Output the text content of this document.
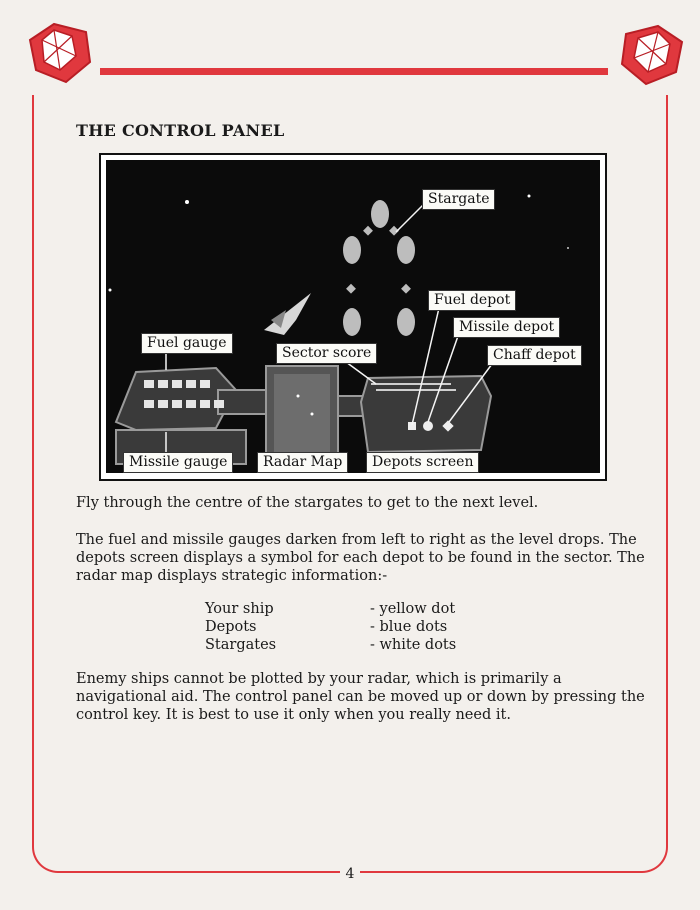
THE CONTROL PANEL
Stargate
Fuel depot
Missile depot
Fuel gauge
Sector score	Chaff depot
Missile gauge	Radar Map	Depots screen

Fly through the centre of the stargates to get to the next level.

The fuel and missile gauges darken from left to right as the level drops. The depots screen displays a symbol for each depot to be found in the sector. The radar map displays strategic information:-

Your ship	- yellow dot
Depots	- blue dots
Stargates	- white dots

Enemy ships cannot be plotted by your radar, which is primarily a navigational aid. The control panel can be moved up or down by pressing the control key. It is best to use it only when you really need it.

4
